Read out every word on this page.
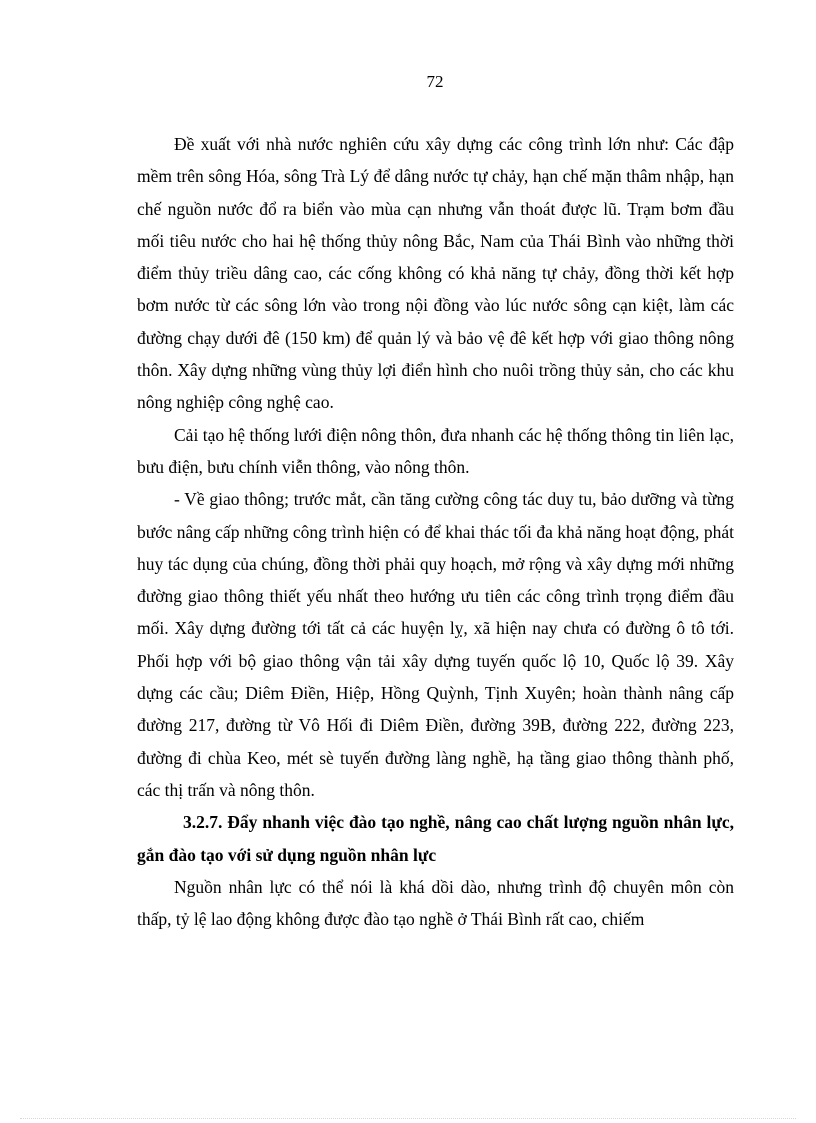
72

Đề xuất với nhà nước nghiên cứu xây dựng các công trình lớn như: Các đập mềm trên sông Hóa, sông Trà Lý để dâng nước tự chảy, hạn chế mặn thâm nhập, hạn chế nguồn nước đổ ra biển vào mùa cạn nhưng vẫn thoát được lũ. Trạm bơm đầu mối tiêu nước cho hai hệ thống thủy nông Bắc, Nam của Thái Bình vào những thời điểm thủy triều dâng cao, các cống không có khả năng tự chảy, đồng thời kết hợp bơm nước từ các sông lớn vào trong nội đồng vào lúc nước sông cạn kiệt, làm các đường chạy dưới đê (150 km) để quản lý và bảo vệ đê kết hợp với giao thông nông thôn. Xây dựng những vùng thủy lợi điển hình cho nuôi trồng thủy sản, cho các khu nông nghiệp công nghệ cao.

Cải tạo hệ thống lưới điện nông thôn, đưa nhanh các hệ thống thông tin liên lạc, bưu điện, bưu chính viễn thông, vào nông thôn.

- Về giao thông; trước mắt, cần tăng cường công tác duy tu, bảo dưỡng và từng bước nâng cấp những công trình hiện có để khai thác tối đa khả năng hoạt động, phát huy tác dụng của chúng, đồng thời phải quy hoạch, mở rộng và xây dựng mới những đường giao thông thiết yếu nhất theo hướng ưu tiên các công trình trọng điểm đầu mối. Xây dựng đường tới tất cả các huyện lỵ, xã hiện nay chưa có đường ô tô tới. Phối hợp với bộ giao thông vận tải xây dựng tuyến quốc lộ 10, Quốc lộ 39. Xây dựng các cầu; Diêm Điền, Hiệp, Hồng Quỳnh, Tịnh Xuyên; hoàn thành nâng cấp đường 217, đường từ Vô Hối đi Diêm Điền, đường 39B, đường 222, đường 223, đường đi chùa Keo, mét sè tuyến đường làng nghề, hạ tầng giao thông thành phố, các thị trấn và nông thôn.

3.2.7. Đẩy nhanh việc đào tạo nghề, nâng cao chất lượng nguồn nhân lực, gắn đào tạo với sử dụng nguồn nhân lực

Nguồn nhân lực có thể nói là khá dồi dào, nhưng trình độ chuyên môn còn thấp, tỷ lệ lao động không được đào tạo nghề ở Thái Bình rất cao, chiếm
